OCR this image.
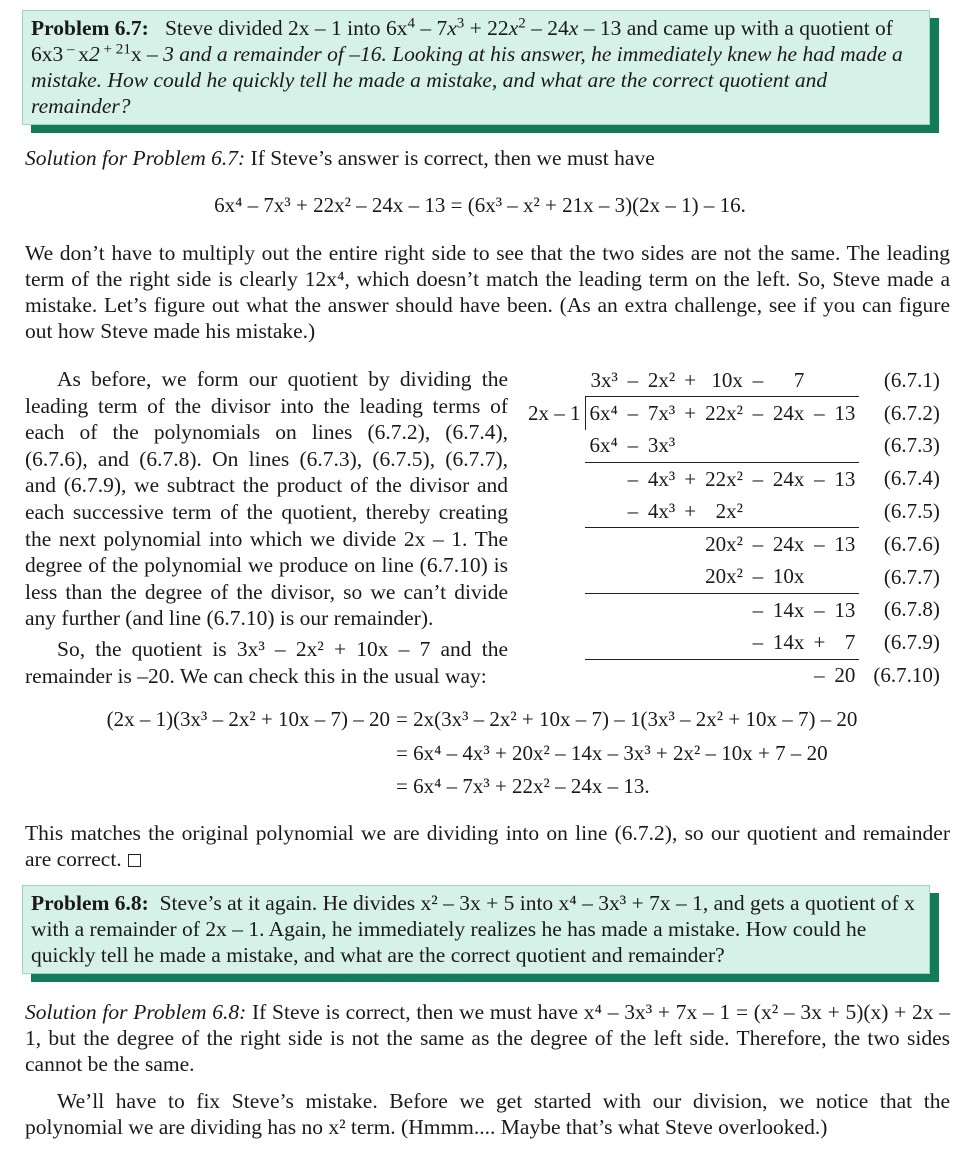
Problem 6.7: Steve divided 2x – 1 into $6x^4 - 7x^3 + 22x^2 - 24x - 13$ and came up with a quotient of 6x3 – x2 $^{+ 21}$x – 3 and a remainder of –16. Looking at his answer, he immediately knew he had made a mistake. How could he quickly tell he made a mistake, and what are the correct quotient and remainder?
Solution for Problem 6.7: If Steve’s answer is correct, then we must have
6x⁴ – 7x³ + 22x² – 24x – 13 = (6x³ – x² + 21x – 3)(2x – 1) – 16.
We don’t have to multiply out the entire right side to see that the two sides are not the same. The leading term of the right side is clearly 12x⁴, which doesn’t match the leading term on the left. So, Steve made a mistake. Let’s figure out what the answer should have been. (As an extra challenge, see if you can figure out how Steve made his mistake.)
As before, we form our quotient by dividing the leading term of the divisor into the leading terms of each of the polynomials on lines (6.7.2), (6.7.4), (6.7.6), and (6.7.8). On lines (6.7.3), (6.7.5), (6.7.7), and (6.7.9), we subtract the product of the divisor and each successive term of the quotient, thereby creating the next polynomial into which we divide 2x – 1. The degree of the polynomial we produce on line (6.7.10) is less than the degree of the divisor, so we can’t divide any further (and line (6.7.10) is our remainder).
So, the quotient is 3x³ – 2x² + 10x – 7 and the remainder is –20. We can check this in the usual way:
	3x³	–	2x²	+	10x	–	7			(6.7.1)
2x – 1	6x⁴	–	7x³	+	22x²	–	24x	–	13	(6.7.2)
	6x⁴	–	3x³							(6.7.3)
		–	4x³	+	22x²	–	24x	–	13	(6.7.4)
		–	4x³	+	2x²					(6.7.5)
					20x²	–	24x	–	13	(6.7.6)
					20x²	–	10x			(6.7.7)
						–	14x	–	13	(6.7.8)
						–	14x	+	7	(6.7.9)
								–	20	(6.7.10)
(2x – 1)(3x³ – 2x² + 10x – 7) – 20 = 2x(3x³ – 2x² + 10x – 7) – 1(3x³ – 2x² + 10x – 7) – 20
= 6x⁴ – 4x³ + 20x² – 14x – 3x³ + 2x² – 10x + 7 – 20
= 6x⁴ – 7x³ + 22x² – 24x – 13.
This matches the original polynomial we are dividing into on line (6.7.2), so our quotient and remainder are correct.
Problem 6.8: Steve’s at it again. He divides x² – 3x + 5 into x⁴ – 3x³ + 7x – 1, and gets a quotient of x with a remainder of 2x – 1. Again, he immediately realizes he has made a mistake. How could he quickly tell he made a mistake, and what are the correct quotient and remainder?
Solution for Problem 6.8: If Steve is correct, then we must have x⁴ – 3x³ + 7x – 1 = (x² – 3x + 5)(x) + 2x – 1, but the degree of the right side is not the same as the degree of the left side. Therefore, the two sides cannot be the same.
We’ll have to fix Steve’s mistake. Before we get started with our division, we notice that the polynomial we are dividing has no x² term. (Hmmm.... Maybe that’s what Steve overlooked.)
